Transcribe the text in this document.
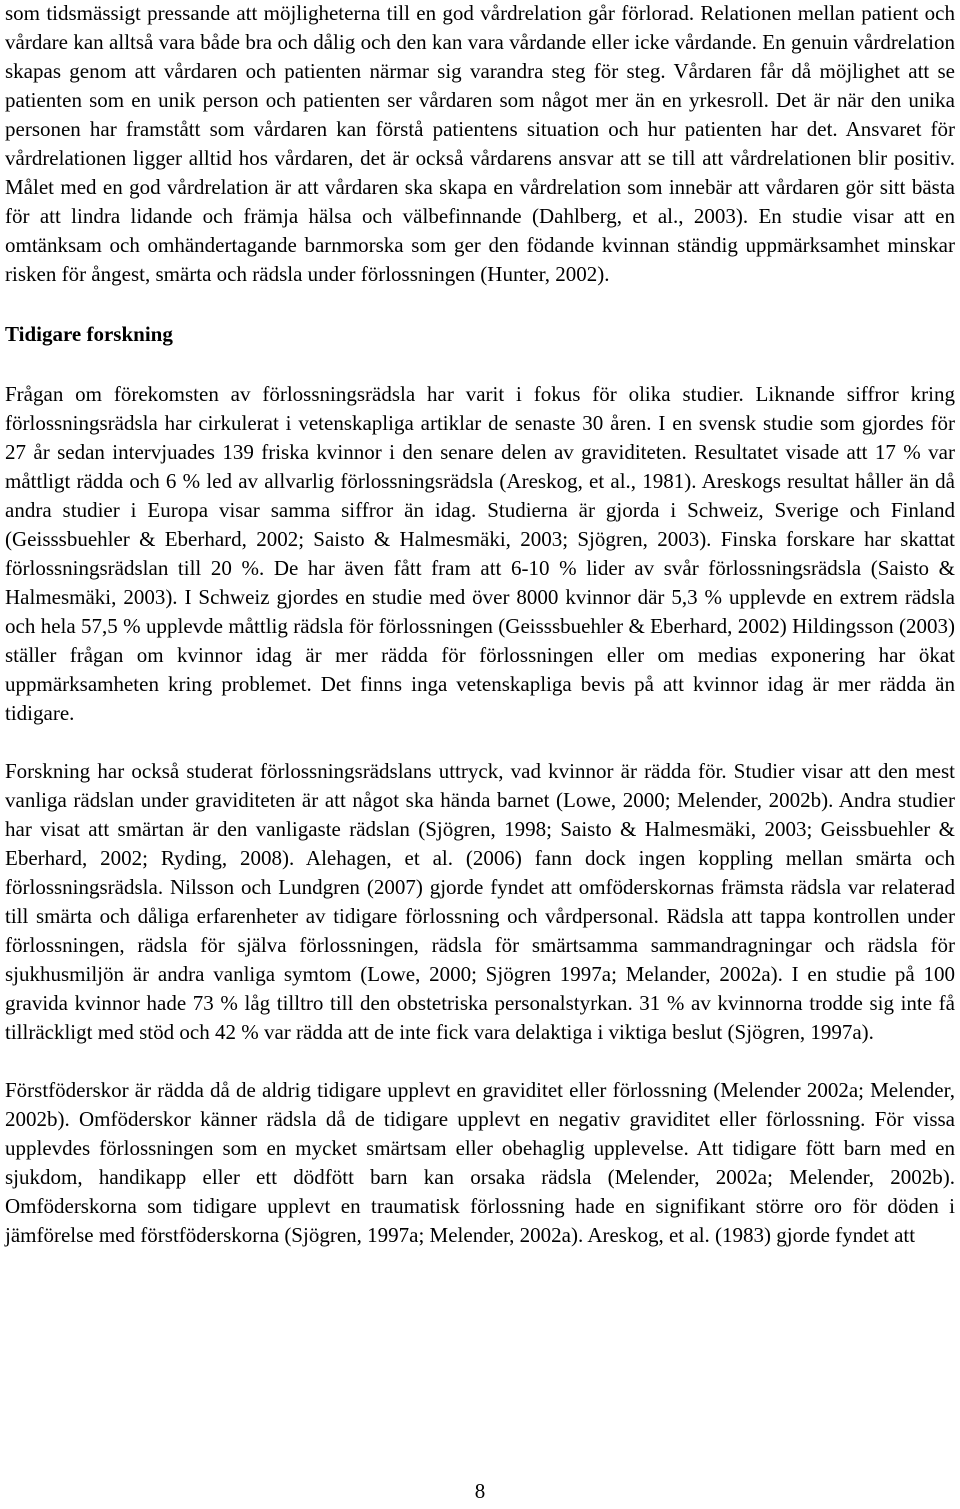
som tidsmässigt pressande att möjligheterna till en god vårdrelation går förlorad. Relationen mellan patient och vårdare kan alltså vara både bra och dålig och den kan vara vårdande eller icke vårdande. En genuin vårdrelation skapas genom att vårdaren och patienten närmar sig varandra steg för steg. Vårdaren får då möjlighet att se patienten som en unik person och patienten ser vårdaren som något mer än en yrkesroll. Det är när den unika personen har framstått som vårdaren kan förstå patientens situation och hur patienten har det. Ansvaret för vårdrelationen ligger alltid hos vårdaren, det är också vårdarens ansvar att se till att vårdrelationen blir positiv. Målet med en god vårdrelation är att vårdaren ska skapa en vårdrelation som innebär att vårdaren gör sitt bästa för att lindra lidande och främja hälsa och välbefinnande (Dahlberg, et al., 2003). En studie visar att en omtänksam och omhändertagande barnmorska som ger den födande kvinnan ständig uppmärksamhet minskar risken för ångest, smärta och rädsla under förlossningen (Hunter, 2002).

Tidigare forskning

Frågan om förekomsten av förlossningsrädsla har varit i fokus för olika studier. Liknande siffror kring förlossningsrädsla har cirkulerat i vetenskapliga artiklar de senaste 30 åren. I en svensk studie som gjordes för 27 år sedan intervjuades 139 friska kvinnor i den senare delen av graviditeten. Resultatet visade att 17 % var måttligt rädda och 6 % led av allvarlig förlossningsrädsla (Areskog, et al., 1981). Areskogs resultat håller än då andra studier i Europa visar samma siffror än idag. Studierna är gjorda i Schweiz, Sverige och Finland (Geisssbuehler & Eberhard, 2002; Saisto & Halmesmäki, 2003; Sjögren, 2003). Finska forskare har skattat förlossningsrädslan till 20 %. De har även fått fram att 6-10 % lider av svår förlossningsrädsla (Saisto & Halmesmäki, 2003). I Schweiz gjordes en studie med över 8000 kvinnor där 5,3 % upplevde en extrem rädsla och hela 57,5 % upplevde måttlig rädsla för förlossningen (Geisssbuehler & Eberhard, 2002) Hildingsson (2003) ställer frågan om kvinnor idag är mer rädda för förlossningen eller om medias exponering har ökat uppmärksamheten kring problemet. Det finns inga vetenskapliga bevis på att kvinnor idag är mer rädda än tidigare.

Forskning har också studerat förlossningsrädslans uttryck, vad kvinnor är rädda för. Studier visar att den mest vanliga rädslan under graviditeten är att något ska hända barnet (Lowe, 2000; Melender, 2002b). Andra studier har visat att smärtan är den vanligaste rädslan (Sjögren, 1998; Saisto & Halmesmäki, 2003; Geissbuehler & Eberhard, 2002; Ryding, 2008). Alehagen, et al. (2006) fann dock ingen koppling mellan smärta och förlossningsrädsla. Nilsson och Lundgren (2007) gjorde fyndet att omföderskornas främsta rädsla var relaterad till smärta och dåliga erfarenheter av tidigare förlossning och vårdpersonal. Rädsla att tappa kontrollen under förlossningen, rädsla för själva förlossningen, rädsla för smärtsamma sammandragningar och rädsla för sjukhusmiljön är andra vanliga symtom (Lowe, 2000; Sjögren 1997a; Melander, 2002a). I en studie på 100 gravida kvinnor hade 73 % låg tilltro till den obstetriska personalstyrkan. 31 % av kvinnorna trodde sig inte få tillräckligt med stöd och 42 % var rädda att de inte fick vara delaktiga i viktiga beslut (Sjögren, 1997a).

Förstföderskor är rädda då de aldrig tidigare upplevt en graviditet eller förlossning (Melender 2002a; Melender, 2002b). Omföderskor känner rädsla då de tidigare upplevt en negativ graviditet eller förlossning. För vissa upplevdes förlossningen som en mycket smärtsam eller obehaglig upplevelse. Att tidigare fött barn med en sjukdom, handikapp eller ett dödfött barn kan orsaka rädsla (Melender, 2002a; Melender, 2002b). Omföderskorna som tidigare upplevt en traumatisk förlossning hade en signifikant större oro för döden i jämförelse med förstföderskorna (Sjögren, 1997a; Melender, 2002a). Areskog, et al. (1983) gjorde fyndet att

8
